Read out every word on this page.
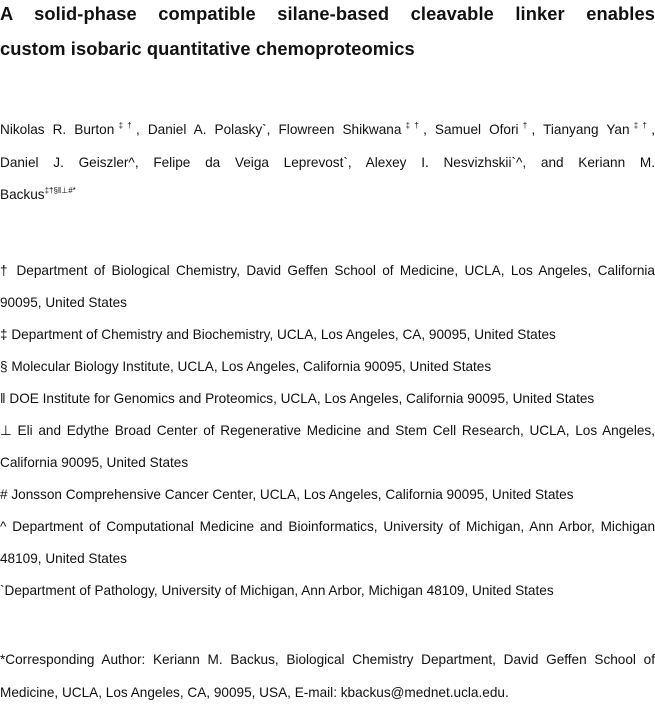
A solid-phase compatible silane-based cleavable linker enables
custom isobaric quantitative chemoproteomics
Nikolas R. Burton‡†, Daniel A. Polasky`, Flowreen Shikwana‡†, Samuel Ofori†, Tianyang Yan‡†,
Daniel J. Geiszler^, Felipe da Veiga Leprevost`, Alexey I. Nesvizhskii`^, and Keriann M.
Backus‡†§‖⊥#*
† Department of Biological Chemistry, David Geffen School of Medicine, UCLA, Los Angeles, California
90095, United States
‡ Department of Chemistry and Biochemistry, UCLA, Los Angeles, CA, 90095, United States
§ Molecular Biology Institute, UCLA, Los Angeles, California 90095, United States
‖ DOE Institute for Genomics and Proteomics, UCLA, Los Angeles, California 90095, United States
⊥ Eli and Edythe Broad Center of Regenerative Medicine and Stem Cell Research, UCLA, Los Angeles,
California 90095, United States
# Jonsson Comprehensive Cancer Center, UCLA, Los Angeles, California 90095, United States
^ Department of Computational Medicine and Bioinformatics, University of Michigan, Ann Arbor, Michigan
48109, United States
`Department of Pathology, University of Michigan, Ann Arbor, Michigan 48109, United States
*Corresponding Author: Keriann M. Backus, Biological Chemistry Department, David Geffen School of
Medicine, UCLA, Los Angeles, CA, 90095, USA, E-mail: kbackus@mednet.ucla.edu.
